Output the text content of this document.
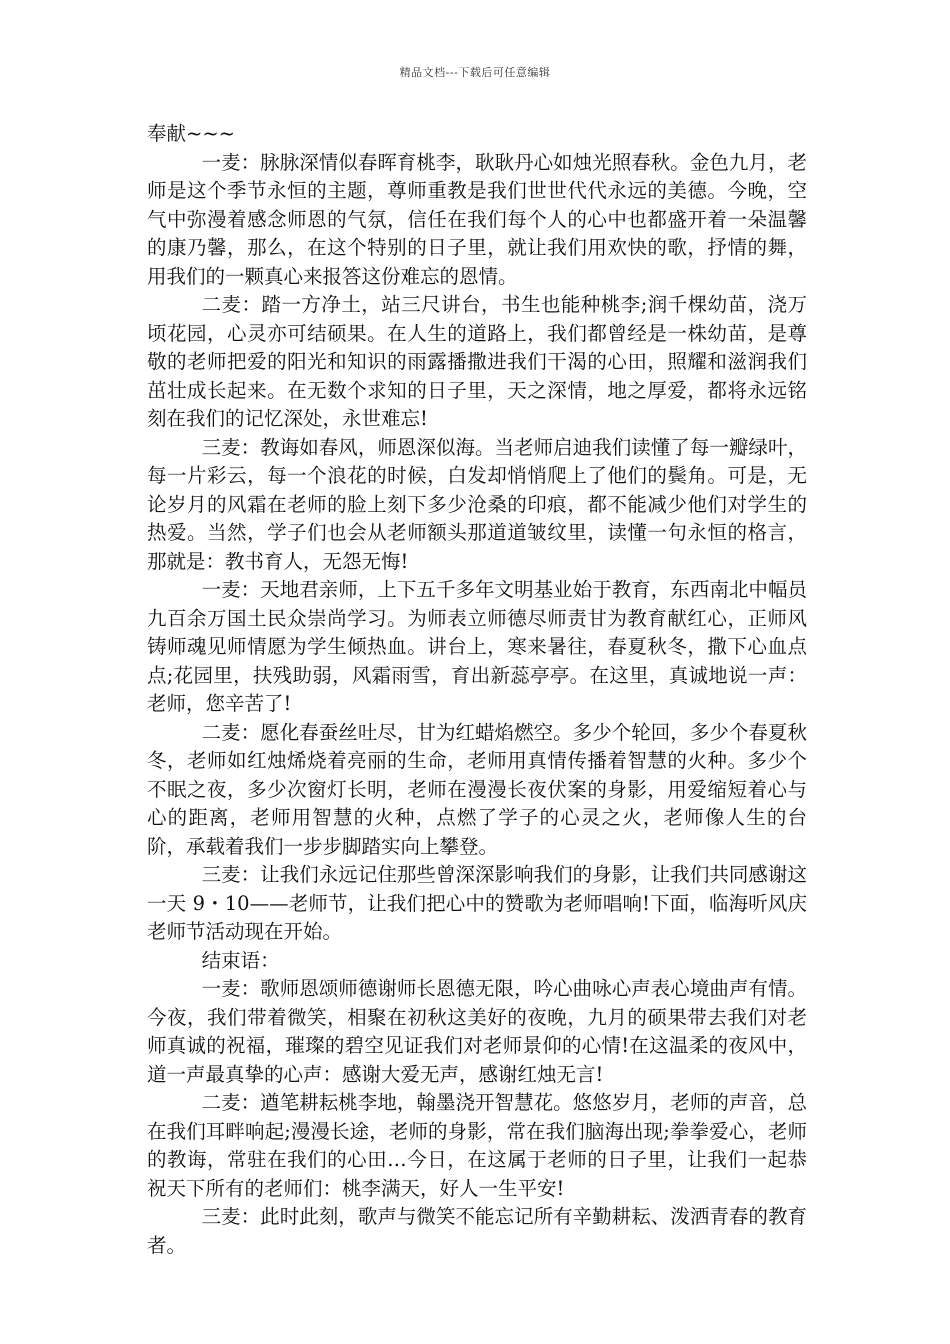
精品文档---下载后可任意编辑

奉献~~~

一麦：脉脉深情似春晖育桃李，耿耿丹心如烛光照春秋。金色九月，老师是这个季节永恒的主题，尊师重教是我们世世代代永远的美德。今晚，空气中弥漫着感念师恩的气氛，信任在我们每个人的心中也都盛开着一朵温馨的康乃馨，那么，在这个特别的日子里，就让我们用欢快的歌，抒情的舞，用我们的一颗真心来报答这份难忘的恩情。

二麦：踏一方净土，站三尺讲台，书生也能种桃李;润千棵幼苗，浇万顷花园，心灵亦可结硕果。在人生的道路上，我们都曾经是一株幼苗，是尊敬的老师把爱的阳光和知识的雨露播撒进我们干渴的心田，照耀和滋润我们茁壮成长起来。在无数个求知的日子里，天之深情，地之厚爱，都将永远铭刻在我们的记忆深处，永世难忘!

三麦：教诲如春风，师恩深似海。当老师启迪我们读懂了每一瓣绿叶，每一片彩云，每一个浪花的时候，白发却悄悄爬上了他们的鬓角。可是，无论岁月的风霜在老师的脸上刻下多少沧桑的印痕，都不能减少他们对学生的热爱。当然，学子们也会从老师额头那道道皱纹里，读懂一句永恒的格言，那就是：教书育人，无怨无悔!

一麦：天地君亲师，上下五千多年文明基业始于教育，东西南北中幅员九百余万国土民众崇尚学习。为师表立师德尽师责甘为教育献红心，正师风铸师魂见师情愿为学生倾热血。讲台上，寒来暑往，春夏秋冬，撒下心血点点;花园里，扶残助弱，风霜雨雪，育出新蕊亭亭。在这里，真诚地说一声：老师，您辛苦了!

二麦：愿化春蚕丝吐尽，甘为红蜡焰燃空。多少个轮回，多少个春夏秋冬，老师如红烛烯烧着亮丽的生命，老师用真情传播着智慧的火种。多少个不眠之夜，多少次窗灯长明，老师在漫漫长夜伏案的身影，用爱缩短着心与心的距离，老师用智慧的火种，点燃了学子的心灵之火，老师像人生的台阶，承载着我们一步步脚踏实向上攀登。

三麦：让我们永远记住那些曾深深影响我们的身影，让我们共同感谢这一天 9・10——老师节，让我们把心中的赞歌为老师唱响!下面，临海听风庆老师节活动现在开始。

结束语：

一麦：歌师恩颂师德谢师长恩德无限，吟心曲咏心声表心境曲声有情。今夜，我们带着微笑，相聚在初秋这美好的夜晚，九月的硕果带去我们对老师真诚的祝福，璀璨的碧空见证我们对老师景仰的心情!在这温柔的夜风中，道一声最真挚的心声：感谢大爱无声，感谢红烛无言!

二麦：遒笔耕耘桃李地，翰墨浇开智慧花。悠悠岁月，老师的声音，总在我们耳畔响起;漫漫长途，老师的身影，常在我们脑海出现;拳拳爱心，老师的教诲，常驻在我们的心田…今日，在这属于老师的日子里，让我们一起恭祝天下所有的老师们：桃李满天，好人一生平安!

三麦：此时此刻，歌声与微笑不能忘记所有辛勤耕耘、泼洒青春的教育者。
